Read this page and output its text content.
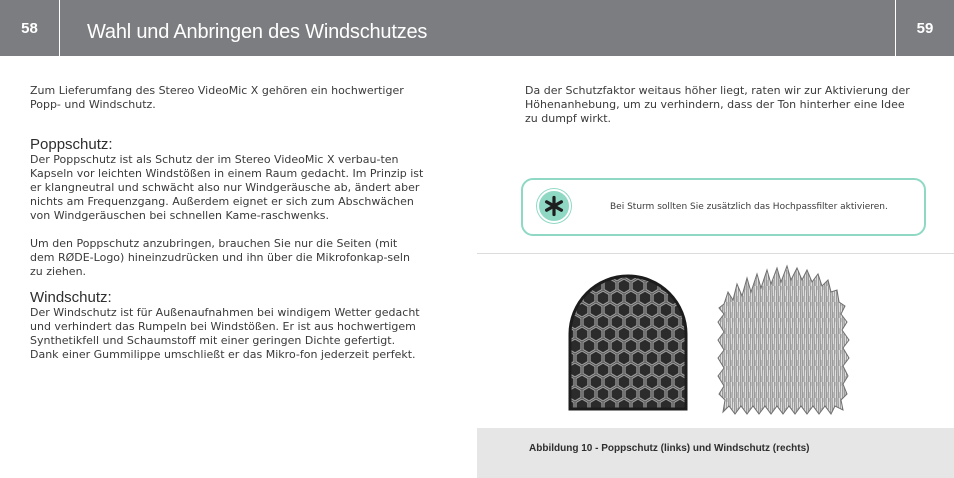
58	Wahl und Anbringen des Windschutzes	59

Zum Lieferumfang des Stereo VideoMic X gehören ein hochwertiger Popp- und Windschutz.

Poppschutz:

Der Poppschutz ist als Schutz der im Stereo VideoMic X verbau-ten Kapseln vor leichten Windstößen in einem Raum gedacht. Im Prinzip ist er klangneutral und schwächt also nur Windgeräusche ab, ändert aber nichts am Frequenzgang. Außerdem eignet er sich zum Abschwächen von Windgeräuschen bei schnellen Kame-raschwenks.

Um den Poppschutz anzubringen, brauchen Sie nur die Seiten (mit dem RØDE-Logo) hineinzudrücken und ihn über die Mikrofonkap-seln zu ziehen.

Windschutz:

Der Windschutz ist für Außenaufnahmen bei windigem Wetter gedacht und verhindert das Rumpeln bei Windstößen. Er ist aus hochwertigem Synthetikfell und Schaumstoff mit einer geringen Dichte gefertigt. Dank einer Gummilippe umschließt er das Mikro-fon jederzeit perfekt.

Da der Schutzfaktor weitaus höher liegt, raten wir zur Aktivierung der Höhenanhebung, um zu verhindern, dass der Ton hinterher eine Idee zu dumpf wirkt.

Bei Sturm sollten Sie zusätzlich das Hochpassfilter aktivieren.
Abbildung 10 - Poppschutz (links) und Windschutz (rechts)
